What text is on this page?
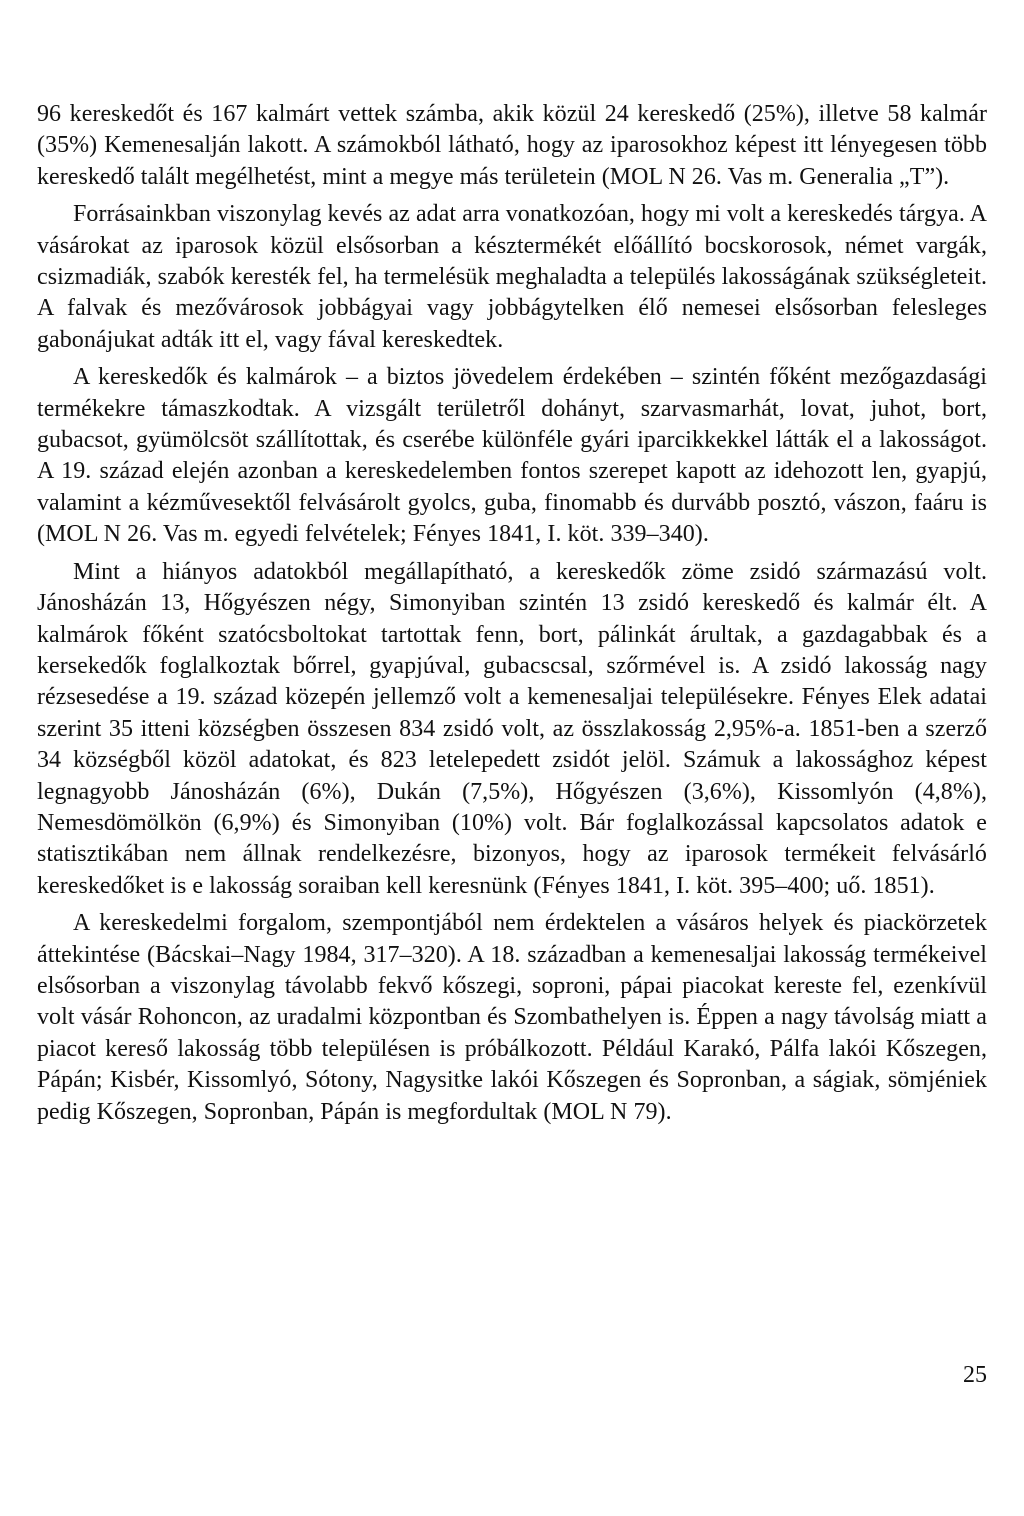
96 kereskedőt és 167 kalmárt vettek számba, akik közül 24 kereskedő (25%), illetve 58 kalmár (35%) Kemenesalján lakott. A számokból látható, hogy az iparosokhoz képest itt lényegesen több kereskedő talált megélhetést, mint a megye más területein (MOL N 26. Vas m. Generalia „T”).

Forrásainkban viszonylag kevés az adat arra vonatkozóan, hogy mi volt a kereskedés tárgya. A vásárokat az iparosok közül elsősorban a késztermékét előállító bocskorosok, német vargák, csizmadiák, szabók keresték fel, ha termelésük meghaladta a település lakosságának szükségleteit. A falvak és mezővárosok jobbágyai vagy jobbágytelken élő nemesei elsősorban felesleges gabonájukat adták itt el, vagy fával kereskedtek.

A kereskedők és kalmárok – a biztos jövedelem érdekében – szintén főként mezőgazdasági termékekre támaszkodtak. A vizsgált területről dohányt, szarvasmarhát, lovat, juhot, bort, gubacsot, gyümölcsöt szállítottak, és cserébe különféle gyári iparcikkekkel látták el a lakosságot. A 19. század elején azonban a kereskedelemben fontos szerepet kapott az idehozott len, gyapjú, valamint a kézművesektől felvásárolt gyolcs, guba, finomabb és durvább posztó, vászon, faáru is (MOL N 26. Vas m. egyedi felvételek; Fényes 1841, I. köt. 339–340).

Mint a hiányos adatokból megállapítható, a kereskedők zöme zsidó származású volt. Jánosházán 13, Hőgyészen négy, Simonyiban szintén 13 zsidó kereskedő és kalmár élt. A kalmárok főként szatócsboltokat tartottak fenn, bort, pálinkát árultak, a gazdagabbak és a kersekedők foglalkoztak bőrrel, gyapjúval, gubacscsal, szőrmével is. A zsidó lakosság nagy rézsesedése a 19. század közepén jellemző volt a kemenesaljai településekre. Fényes Elek adatai szerint 35 itteni községben összesen 834 zsidó volt, az összlakosság 2,95%-a. 1851-ben a szerző 34 községből közöl adatokat, és 823 letelepedett zsidót jelöl. Számuk a lakossághoz képest legnagyobb Jánosházán (6%), Dukán (7,5%), Hőgyészen (3,6%), Kissomlyón (4,8%), Nemesdömölkön (6,9%) és Simonyiban (10%) volt. Bár foglalkozással kapcsolatos adatok e statisztikában nem állnak rendelkezésre, bizonyos, hogy az iparosok termékeit felvásárló kereskedőket is e lakosság soraiban kell keresnünk (Fényes 1841, I. köt. 395–400; uő. 1851).

A kereskedelmi forgalom, szempontjából nem érdektelen a vásáros helyek és piackörzetek áttekintése (Bácskai–Nagy 1984, 317–320). A 18. században a kemenesaljai lakosság termékeivel elsősorban a viszonylag távolabb fekvő kőszegi, soproni, pápai piacokat kereste fel, ezenkívül volt vásár Rohoncon, az uradalmi központban és Szombathelyen is. Éppen a nagy távolság miatt a piacot kereső lakosság több településen is próbálkozott. Például Karakó, Pálfa lakói Kőszegen, Pápán; Kisbér, Kissomlyó, Sótony, Nagysitke lakói Kőszegen és Sopronban, a ságiak, sömjéniek pedig Kőszegen, Sopronban, Pápán is megfordultak (MOL N 79).

25
